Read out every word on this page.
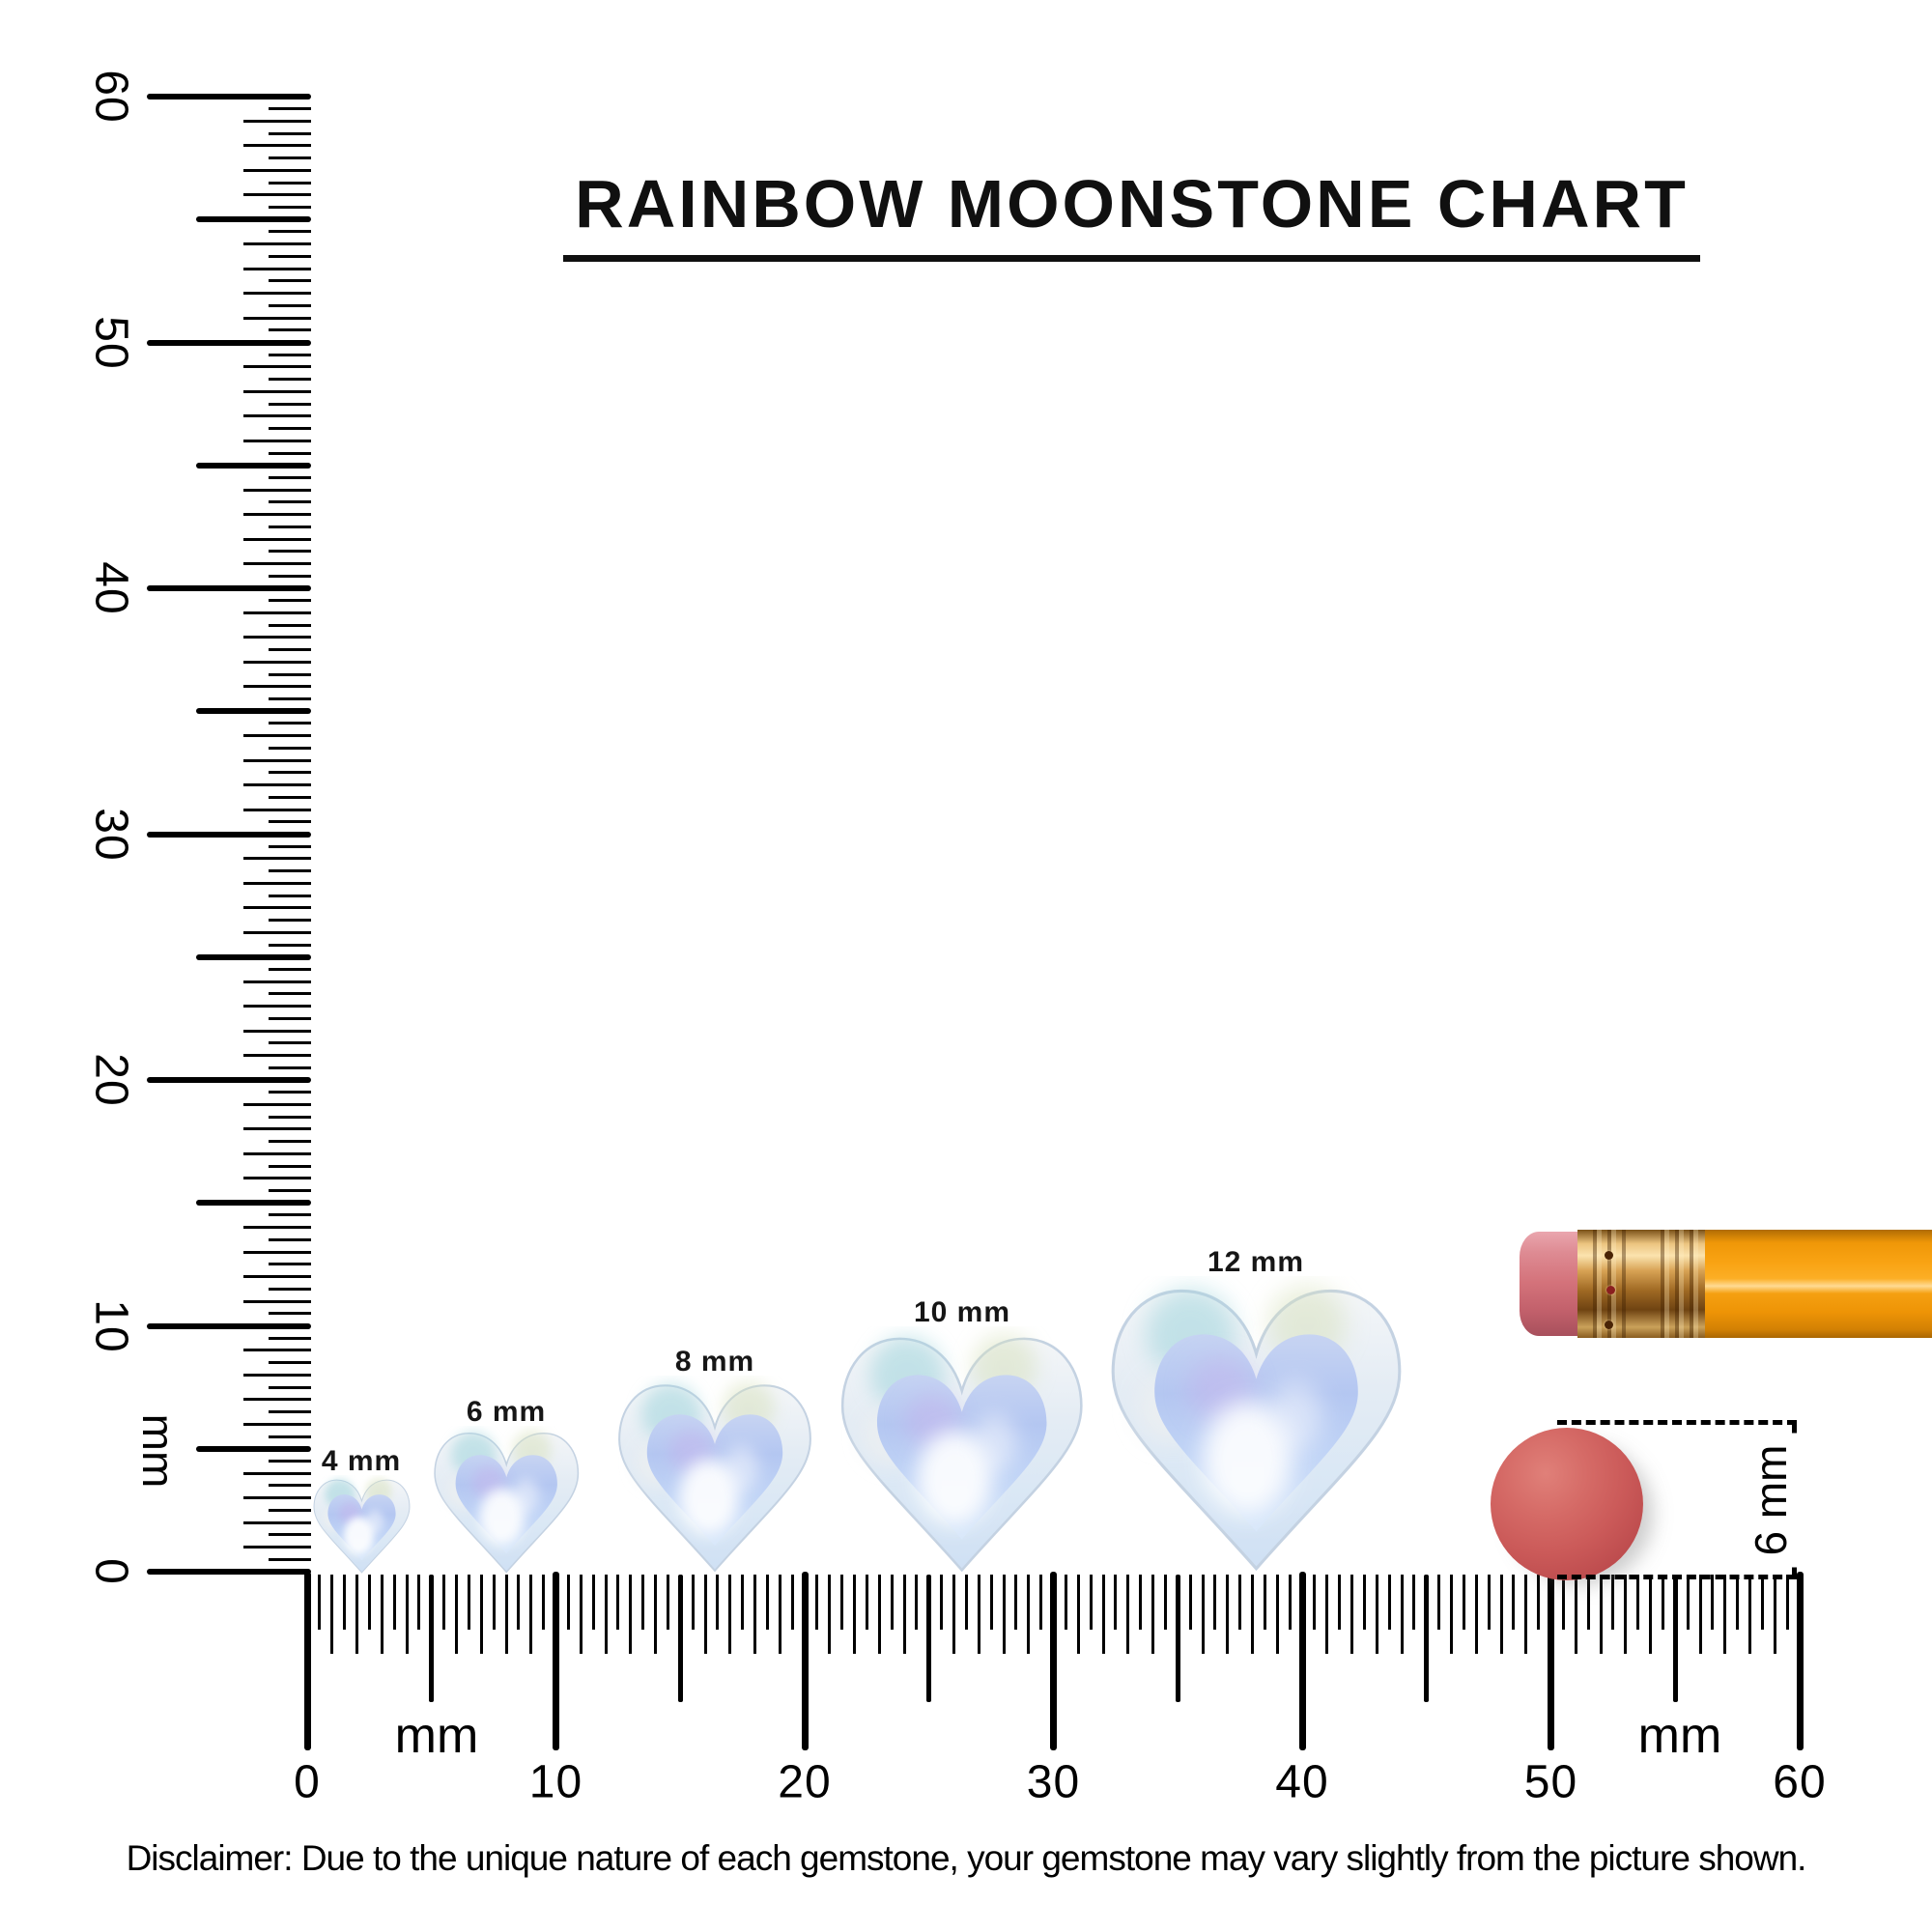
RAINBOW MOONSTONE CHART
60
50
40
30
20
10
0
0	10	20	30	40	50	60
mm
mm	mm
4 mm
6 mm
8 mm
10 mm
12 mm
6 mm
Disclaimer: Due to the unique nature of each gemstone, your gemstone may vary slightly from the picture shown.
